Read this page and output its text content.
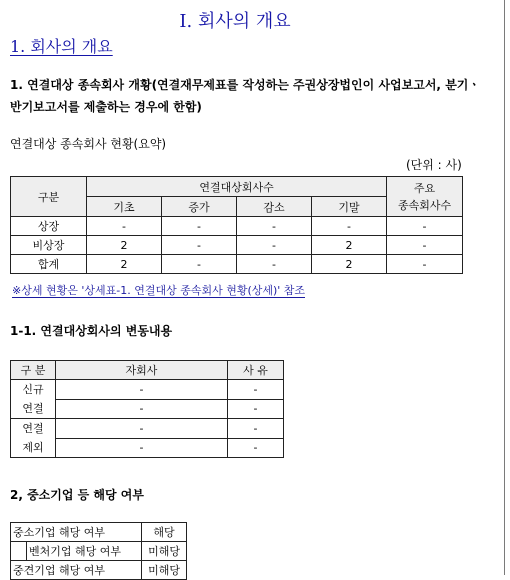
I. 회사의 개요
1. 회사의 개요
1. 연결대상 종속회사 개황(연결재무제표를 작성하는 주권상장법인이 사업보고서, 분기ㆍ반기보고서를 제출하는 경우에 한함)
연결대상 종속회사 현황(요약)
(단위 : 사)
구분	연결대상회사수				주요
종속회사수
	기초	증가	감소	기말	
상장	-	-	-	-	-
비상장	2	-	-	2	-
합계	2	-	-	2	-
※상세 현황은 '상세표-1. 연결대상 종속회사 현황(상세)' 참조
1-1. 연결대상회사의 변동내용
구 분	자회사	사 유
신규
연결	-	-
	-	-
연결
제외	-	-
	-	-
2, 중소기업 등 해당 여부
중소기업 해당 여부		해당
	벤처기업 해당 여부	미해당
중견기업 해당 여부		미해당
